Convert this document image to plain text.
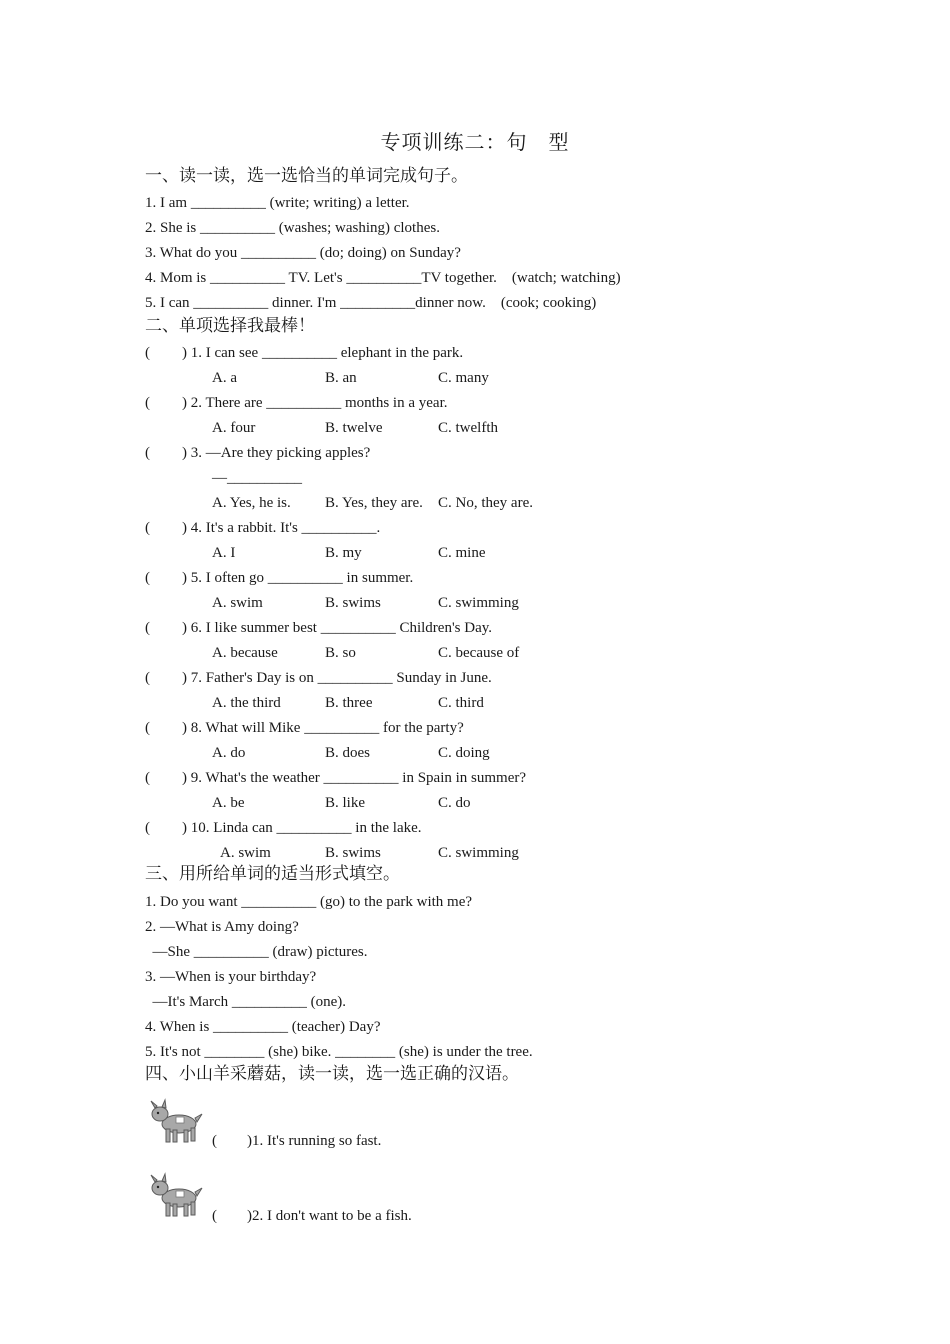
专项训练二：句　型
一、读一读，选一选恰当的单词完成句子。
1. I am __________ (write; writing) a letter.
2. She is __________ (washes; washing) clothes.
3. What do you __________ (do; doing) on Sunday?
4. Mom is __________ TV. Let's __________TV together.    (watch; watching)
5. I can __________ dinner. I'm __________dinner now.    (cook; cooking)
二、单项选择我最棒！
( ) 1. I can see __________ elephant in the park.
A. a	B. an	C. many
( ) 2. There are __________ months in a year.
A. four	B. twelve	C. twelfth
( ) 3. —Are they picking apples?
—__________
A. Yes, he is. B. Yes, they are. C. No, they are.
( ) 4. It's a rabbit. It's __________.
A. I	B. my	C. mine
( ) 5. I often go __________ in summer.
A. swim	B. swims	C. swimming
( ) 6. I like summer best __________ Children's Day.
A. because	B. so	C. because of
( ) 7. Father's Day is on __________ Sunday in June.
A. the third	B. three	C. third
( ) 8. What will Mike __________ for the party?
A. do	B. does	C. doing
( ) 9. What's the weather __________ in Spain in summer?
A. be	B. like	C. do
( ) 10. Linda can __________ in the lake.
A. swim	B. swims	C. swimming
三、用所给单词的适当形式填空。
1. Do you want __________ (go) to the park with me?
2. —What is Amy doing?
—She __________ (draw) pictures.
3. —When is your birthday?
—It's March __________ (one).
4. When is __________ (teacher) Day?
5. It's not ________ (she) bike. ________ (she) is under the tree.
四、小山羊采蘑菇，读一读，选一选正确的汉语。
(        )1. It's running so fast.
(        )2. I don't want to be a fish.
